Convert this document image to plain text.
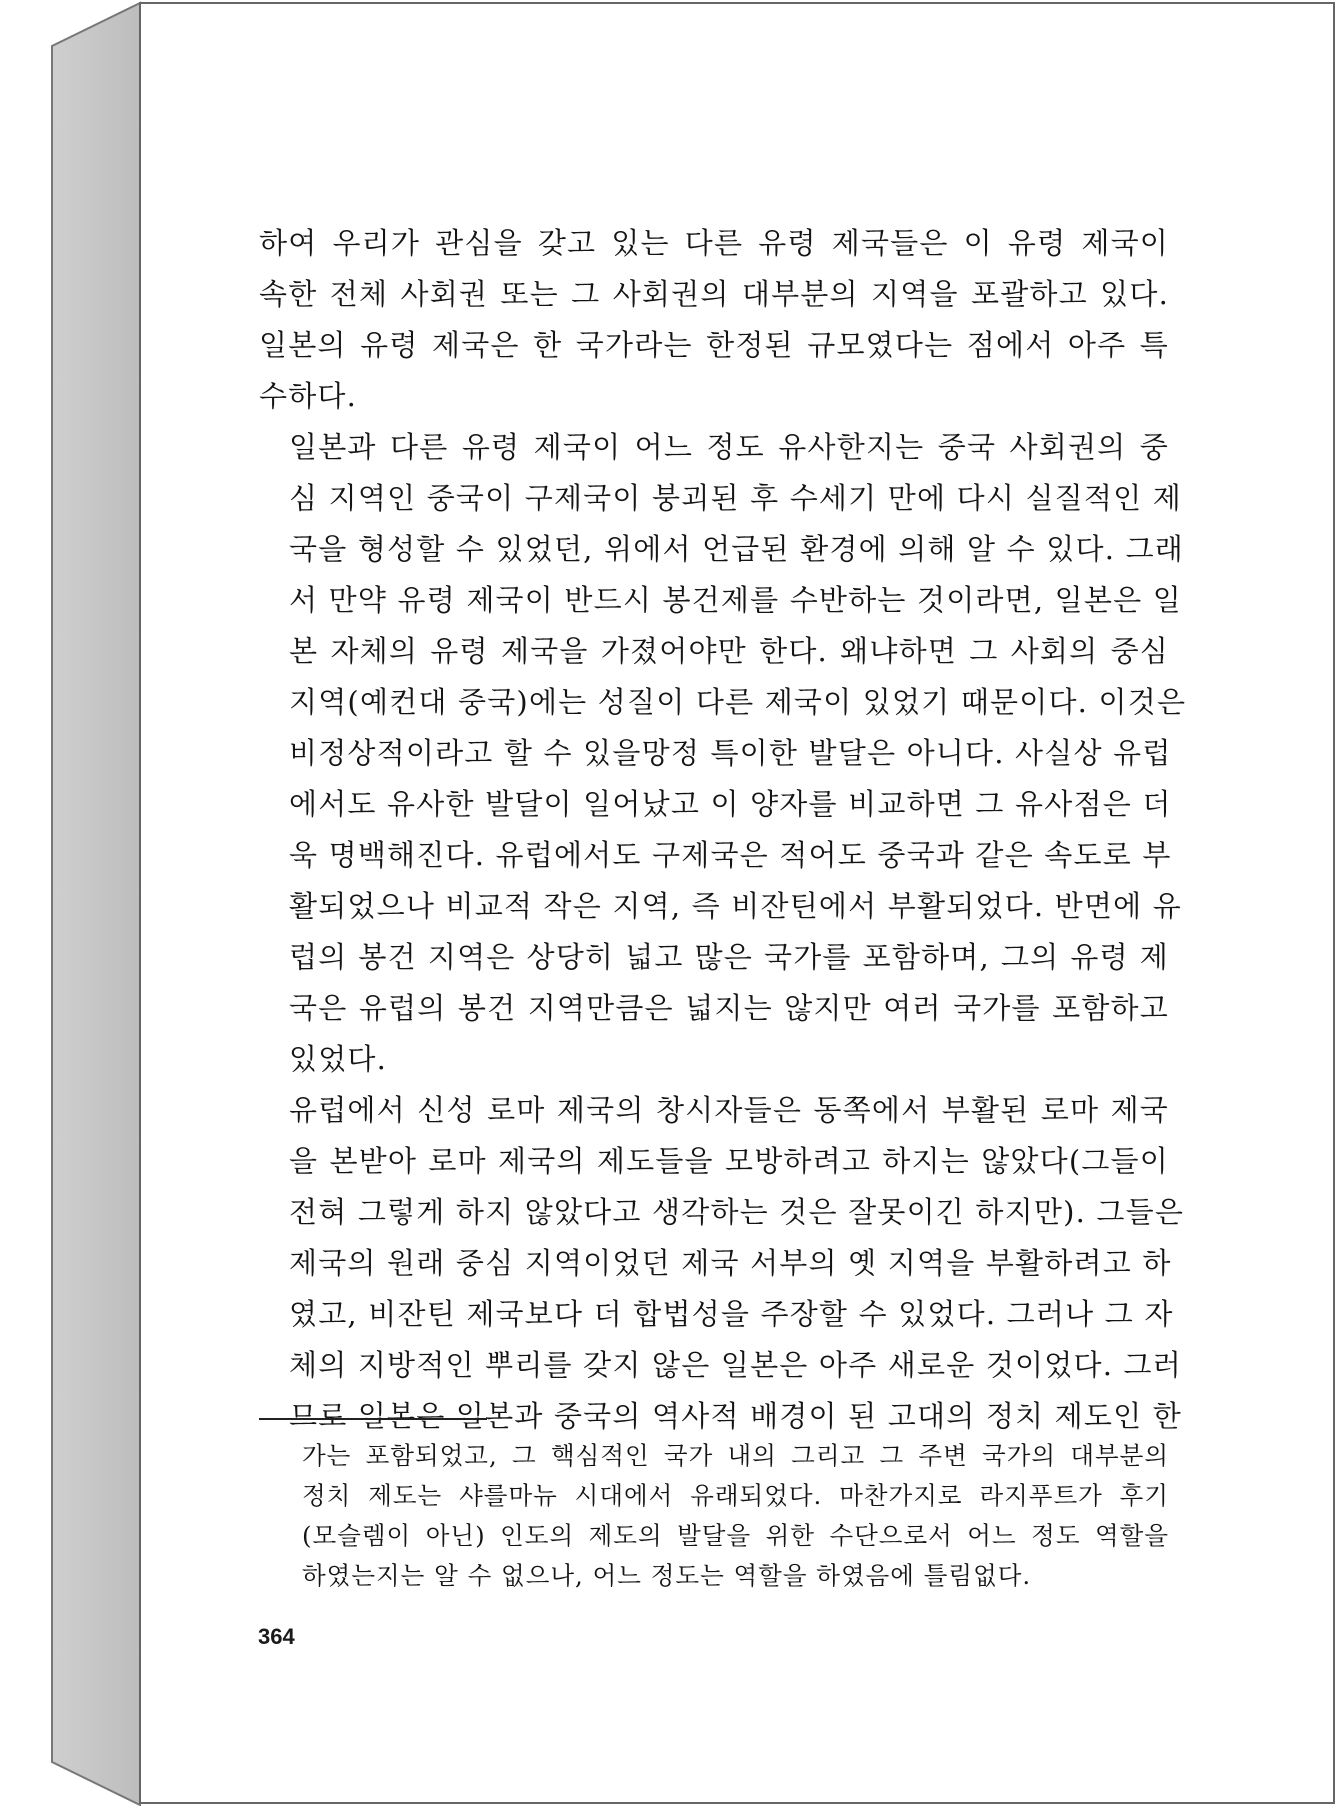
하여 우리가 관심을 갖고 있는 다른 유령 제국들은 이 유령 제국이
속한 전체 사회권 또는 그 사회권의 대부분의 지역을 포괄하고 있다.
일본의 유령 제국은 한 국가라는 한정된 규모였다는 점에서 아주 특
수하다.
일본과 다른 유령 제국이 어느 정도 유사한지는 중국 사회권의 중
심 지역인 중국이 구제국이 붕괴된 후 수세기 만에 다시 실질적인 제
국을 형성할 수 있었던, 위에서 언급된 환경에 의해 알 수 있다. 그래
서 만약 유령 제국이 반드시 봉건제를 수반하는 것이라면, 일본은 일
본 자체의 유령 제국을 가졌어야만 한다. 왜냐하면 그 사회의 중심
지역(예컨대 중국)에는 성질이 다른 제국이 있었기 때문이다. 이것은
비정상적이라고 할 수 있을망정 특이한 발달은 아니다. 사실상 유럽
에서도 유사한 발달이 일어났고 이 양자를 비교하면 그 유사점은 더
욱 명백해진다. 유럽에서도 구제국은 적어도 중국과 같은 속도로 부
활되었으나 비교적 작은 지역, 즉 비잔틴에서 부활되었다. 반면에 유
럽의 봉건 지역은 상당히 넓고 많은 국가를 포함하며, 그의 유령 제
국은 유럽의 봉건 지역만큼은 넓지는 않지만 여러 국가를 포함하고
있었다.
유럽에서 신성 로마 제국의 창시자들은 동쪽에서 부활된 로마 제국
을 본받아 로마 제국의 제도들을 모방하려고 하지는 않았다(그들이
전혀 그렇게 하지 않았다고 생각하는 것은 잘못이긴 하지만). 그들은
제국의 원래 중심 지역이었던 제국 서부의 옛 지역을 부활하려고 하
였고, 비잔틴 제국보다 더 합법성을 주장할 수 있었다. 그러나 그 자
체의 지방적인 뿌리를 갖지 않은 일본은 아주 새로운 것이었다. 그러
므로 일본은 일본과 중국의 역사적 배경이 된 고대의 정치 제도인 한
가는 포함되었고, 그 핵심적인 국가 내의 그리고 그 주변 국가의 대부분의
정치 제도는 샤를마뉴 시대에서 유래되었다. 마찬가지로 라지푸트가 후기
(모슬렘이 아닌) 인도의 제도의 발달을 위한 수단으로서 어느 정도 역할을
하였는지는 알 수 없으나, 어느 정도는 역할을 하였음에 틀림없다.
364
